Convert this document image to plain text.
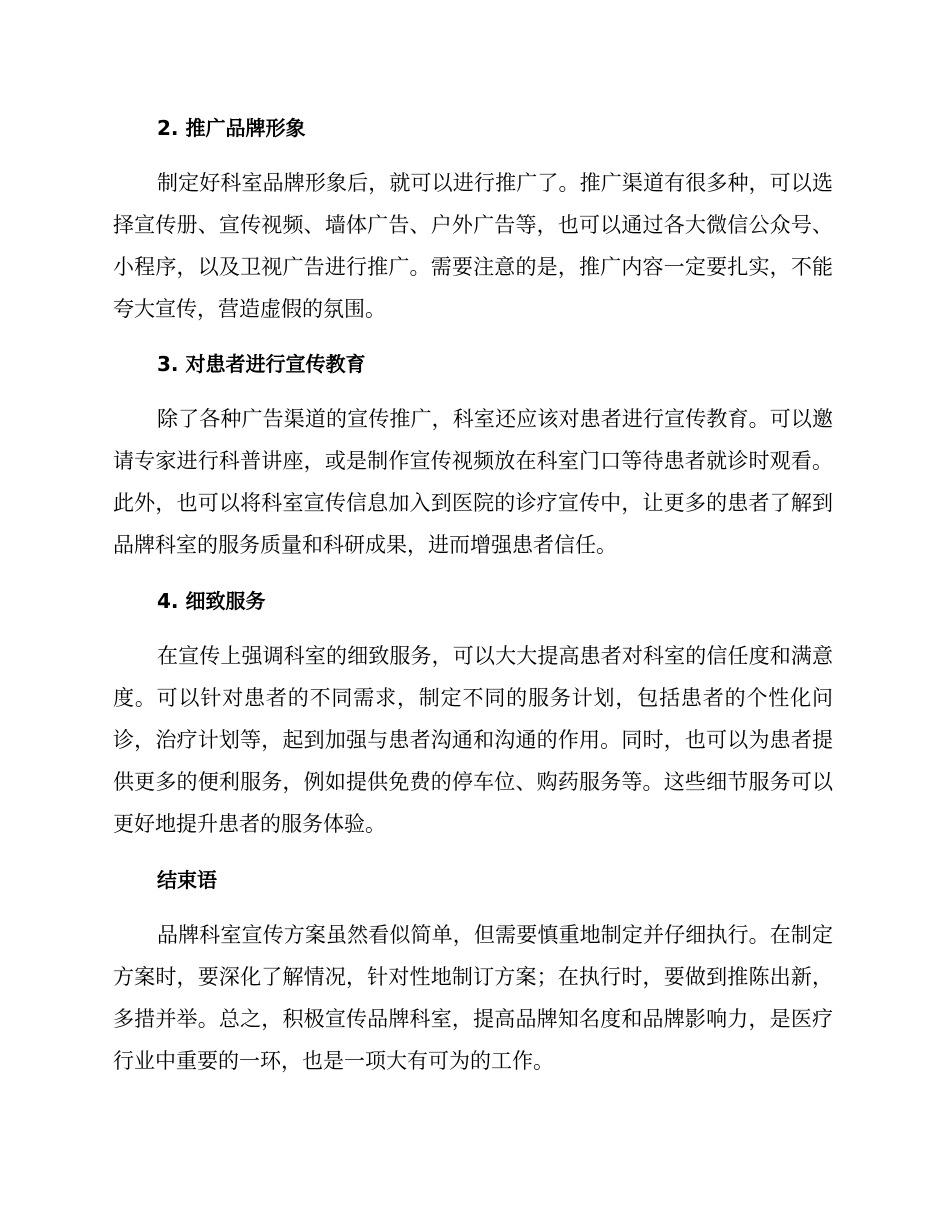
2. 推广品牌形象

制定好科室品牌形象后，就可以进行推广了。推广渠道有很多种，可以选择宣传册、宣传视频、墙体广告、户外广告等，也可以通过各大微信公众号、小程序，以及卫视广告进行推广。需要注意的是，推广内容一定要扎实，不能夸大宣传，营造虚假的氛围。

3. 对患者进行宣传教育

除了各种广告渠道的宣传推广，科室还应该对患者进行宣传教育。可以邀请专家进行科普讲座，或是制作宣传视频放在科室门口等待患者就诊时观看。此外，也可以将科室宣传信息加入到医院的诊疗宣传中，让更多的患者了解到品牌科室的服务质量和科研成果，进而增强患者信任。

4. 细致服务

在宣传上强调科室的细致服务，可以大大提高患者对科室的信任度和满意度。可以针对患者的不同需求，制定不同的服务计划，包括患者的个性化问诊，治疗计划等，起到加强与患者沟通和沟通的作用。同时，也可以为患者提供更多的便利服务，例如提供免费的停车位、购药服务等。这些细节服务可以更好地提升患者的服务体验。

结束语

品牌科室宣传方案虽然看似简单，但需要慎重地制定并仔细执行。在制定方案时，要深化了解情况，针对性地制订方案；在执行时，要做到推陈出新，多措并举。总之，积极宣传品牌科室，提高品牌知名度和品牌影响力，是医疗行业中重要的一环，也是一项大有可为的工作。
